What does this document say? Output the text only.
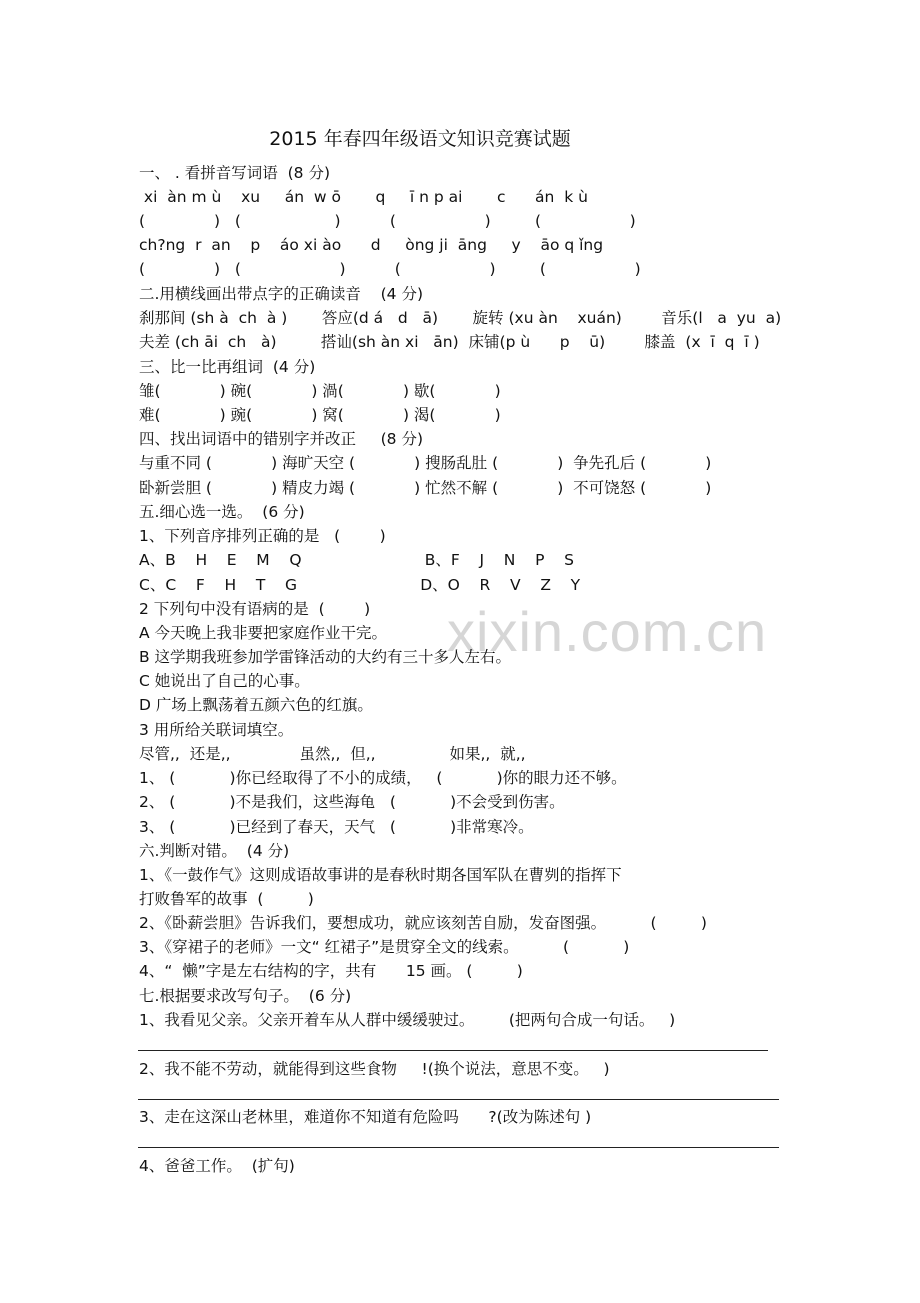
xixin.com.cn
2015 年春四年级语文知识竞赛试题
一、 . 看拼音写词语  (8 分)
xi  àn m ù    xu     án  w ō       q     ī n p ai       c      án  k ù
(              )   (                   )          (                  )         (                  )
ch?ng  r  an    p    áo xi ào      d     òng ji  āng     y    āo q ǐng
(              )   (                    )          (                  )         (                  )
二.用横线画出带点字的正确读音    (4 分)
刹那间 (sh à  ch  à )       答应(d á   d   ā)       旋转 (xu àn    xuán)        音乐(l   a  yu  a)
夫差 (ch āi  ch   à)         搭讪(sh àn xi   ān)  床铺(p ù      p    ū)        膝盖  (x  ī  q  ī )
三、比一比再组词  (4 分)
雏(            ) 碗(            ) 渦(            ) 歇(            )
难(            ) 豌(            ) 窝(            ) 渴(            )
四、找出词语中的错别字并改正     (8 分)
与重不同 (            ) 海旷天空 (            ) 搜肠乱肚 (            )  争先孔后 (            )
卧新尝胆 (            ) 精皮力竭 (            ) 忙然不解 (            )  不可饶怒 (            )
五.细心选一选。  (6 分)
1、下列音序排列正确的是   (        )
A、B    H    E    M    Q                         B、F    J    N    P    S
C、C    F    H    T    G                         D、O    R    V    Z    Y
2 下列句中没有语病的是  (        )
A 今天晚上我非要把家庭作业干完。
B 这学期我班参加学雷锋活动的大约有三十多人左右。
C 她说出了自己的心事。
D 广场上飘荡着五颜六色的红旗。
3 用所给关联词填空。
尽管,,  还是,,              虽然,,  但,,               如果,,  就,,
1、 (           )你已经取得了不小的成绩，   (           )你的眼力还不够。
2、 (           )不是我们，这些海龟   (           )不会受到伤害。
3、 (           )已经到了春天，天气   (           )非常寒冷。
六.判断对错。  (4 分)
1、《一鼓作气》这则成语故事讲的是春秋时期各国军队在曹刿的指挥下
打败鲁军的故事  (         )
2、《卧薪尝胆》告诉我们，要想成功，就应该刻苦自励，发奋图强。         (         )
3、《穿裙子的老师》一文“ 红裙子”是贯穿全文的线索。         (           )
4、“  懒”字是左右结构的字，共有      15 画。 (         )
七.根据要求改写句子。  (6 分)
1、我看见父亲。父亲开着车从人群中缓缓驶过。       (把两句合成一句话。   )
2、我不能不劳动，就能得到这些食物     !(换个说法，意思不变。   )
3、走在这深山老林里，难道你不知道有危险吗      ?(改为陈述句 )
4、爸爸工作。  (扩句)
